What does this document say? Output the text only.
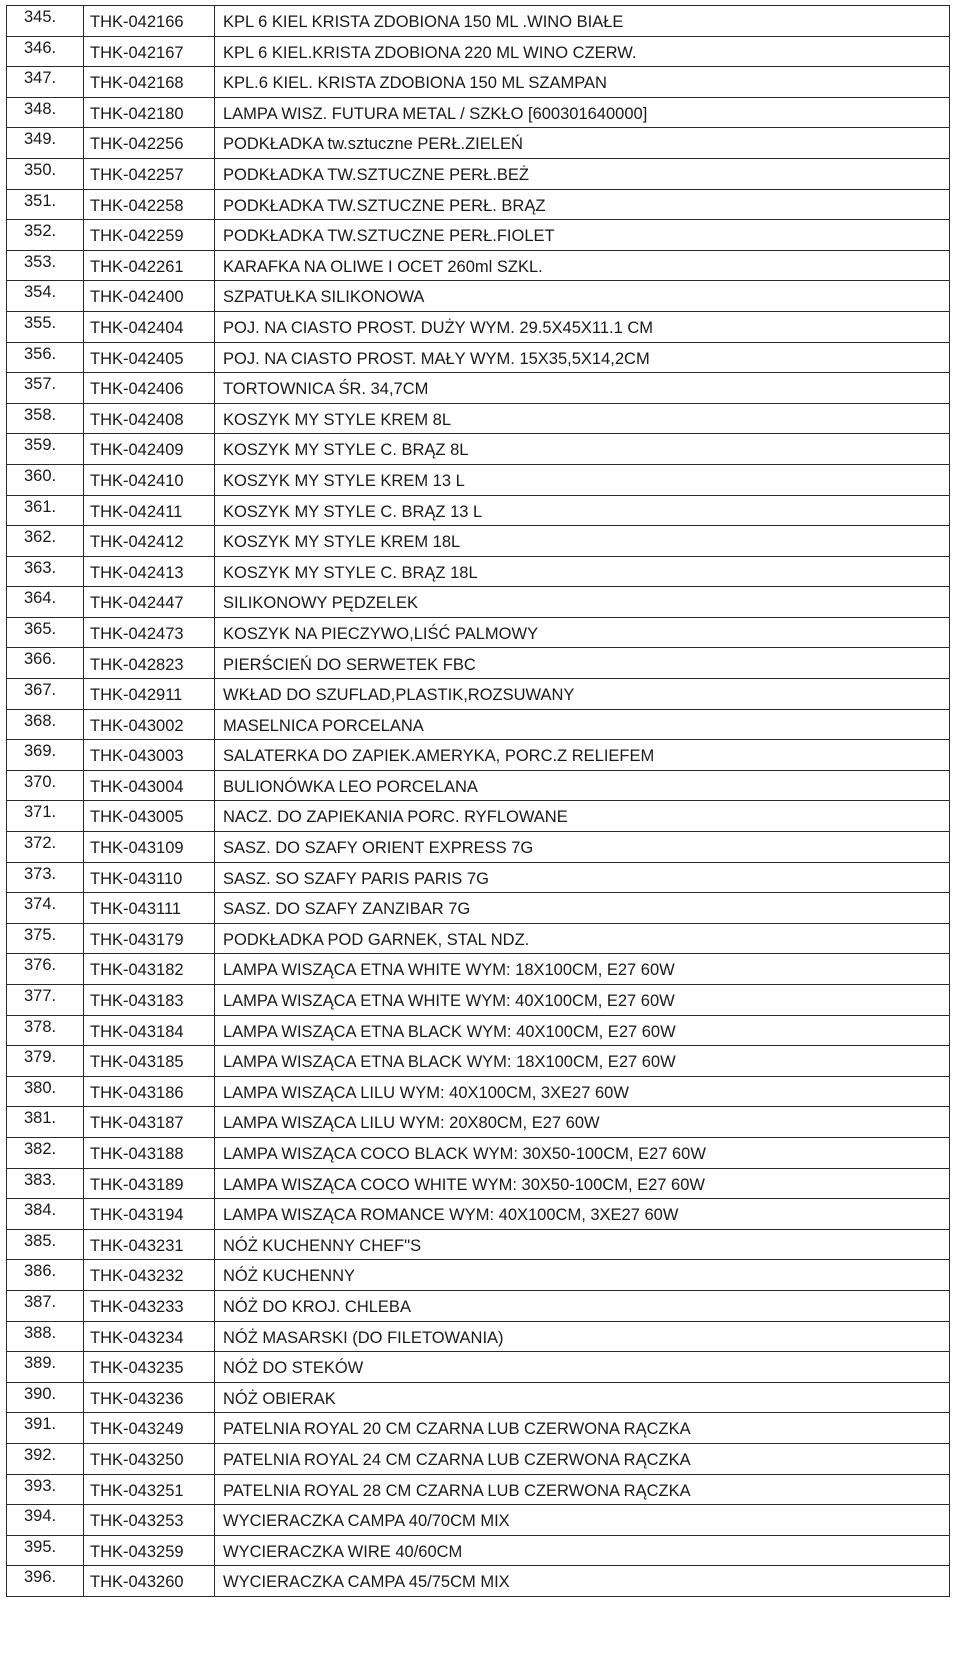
345.	THK-042166	KPL 6 KIEL KRISTA ZDOBIONA 150 ML .WINO BIAŁE
346.	THK-042167	KPL 6 KIEL.KRISTA ZDOBIONA 220 ML WINO CZERW.
347.	THK-042168	KPL.6 KIEL. KRISTA ZDOBIONA 150 ML SZAMPAN
348.	THK-042180	LAMPA WISZ. FUTURA METAL / SZKŁO [600301640000]
349.	THK-042256	PODKŁADKA tw.sztuczne PERŁ.ZIELEŃ
350.	THK-042257	PODKŁADKA TW.SZTUCZNE PERŁ.BEŻ
351.	THK-042258	PODKŁADKA TW.SZTUCZNE PERŁ. BRĄZ
352.	THK-042259	PODKŁADKA TW.SZTUCZNE PERŁ.FIOLET
353.	THK-042261	KARAFKA NA OLIWE I OCET 260ml SZKL.
354.	THK-042400	SZPATUŁKA SILIKONOWA
355.	THK-042404	POJ. NA CIASTO PROST. DUŻY WYM. 29.5X45X11.1 CM
356.	THK-042405	POJ. NA CIASTO PROST. MAŁY WYM. 15X35,5X14,2CM
357.	THK-042406	TORTOWNICA ŚR. 34,7CM
358.	THK-042408	KOSZYK MY STYLE KREM 8L
359.	THK-042409	KOSZYK MY STYLE C. BRĄZ 8L
360.	THK-042410	KOSZYK MY STYLE KREM 13 L
361.	THK-042411	KOSZYK MY STYLE C. BRĄZ 13 L
362.	THK-042412	KOSZYK MY STYLE KREM 18L
363.	THK-042413	KOSZYK MY STYLE C. BRĄZ 18L
364.	THK-042447	SILIKONOWY PĘDZELEK
365.	THK-042473	KOSZYK NA PIECZYWO,LIŚĆ PALMOWY
366.	THK-042823	PIERŚCIEŃ DO SERWETEK FBC
367.	THK-042911	WKŁAD DO SZUFLAD,PLASTIK,ROZSUWANY
368.	THK-043002	MASELNICA PORCELANA
369.	THK-043003	SALATERKA DO ZAPIEK.AMERYKA, PORC.Z RELIEFEM
370.	THK-043004	BULIONÓWKA LEO PORCELANA
371.	THK-043005	NACZ. DO ZAPIEKANIA PORC. RYFLOWANE
372.	THK-043109	SASZ. DO SZAFY ORIENT EXPRESS 7G
373.	THK-043110	SASZ. SO SZAFY PARIS PARIS 7G
374.	THK-043111	SASZ. DO SZAFY ZANZIBAR 7G
375.	THK-043179	PODKŁADKA POD GARNEK, STAL NDZ.
376.	THK-043182	LAMPA WISZĄCA ETNA WHITE WYM: 18X100CM, E27 60W
377.	THK-043183	LAMPA WISZĄCA ETNA WHITE WYM: 40X100CM, E27 60W
378.	THK-043184	LAMPA WISZĄCA ETNA BLACK WYM: 40X100CM, E27 60W
379.	THK-043185	LAMPA WISZĄCA ETNA BLACK WYM: 18X100CM, E27 60W
380.	THK-043186	LAMPA WISZĄCA LILU WYM: 40X100CM, 3XE27 60W
381.	THK-043187	LAMPA WISZĄCA LILU WYM: 20X80CM, E27 60W
382.	THK-043188	LAMPA WISZĄCA COCO BLACK WYM: 30X50-100CM, E27 60W
383.	THK-043189	LAMPA WISZĄCA COCO WHITE WYM: 30X50-100CM, E27 60W
384.	THK-043194	LAMPA WISZĄCA ROMANCE WYM: 40X100CM, 3XE27 60W
385.	THK-043231	NÓŻ KUCHENNY CHEF"S
386.	THK-043232	NÓŻ KUCHENNY
387.	THK-043233	NÓŻ DO KROJ. CHLEBA
388.	THK-043234	NÓŻ MASARSKI (DO FILETOWANIA)
389.	THK-043235	NÓŻ DO STEKÓW
390.	THK-043236	NÓŻ OBIERAK
391.	THK-043249	PATELNIA ROYAL 20 CM CZARNA LUB CZERWONA RĄCZKA
392.	THK-043250	PATELNIA ROYAL 24 CM CZARNA LUB CZERWONA RĄCZKA
393.	THK-043251	PATELNIA ROYAL 28 CM CZARNA LUB CZERWONA RĄCZKA
394.	THK-043253	WYCIERACZKA CAMPA 40/70CM MIX
395.	THK-043259	WYCIERACZKA WIRE 40/60CM
396.	THK-043260	WYCIERACZKA CAMPA 45/75CM MIX
